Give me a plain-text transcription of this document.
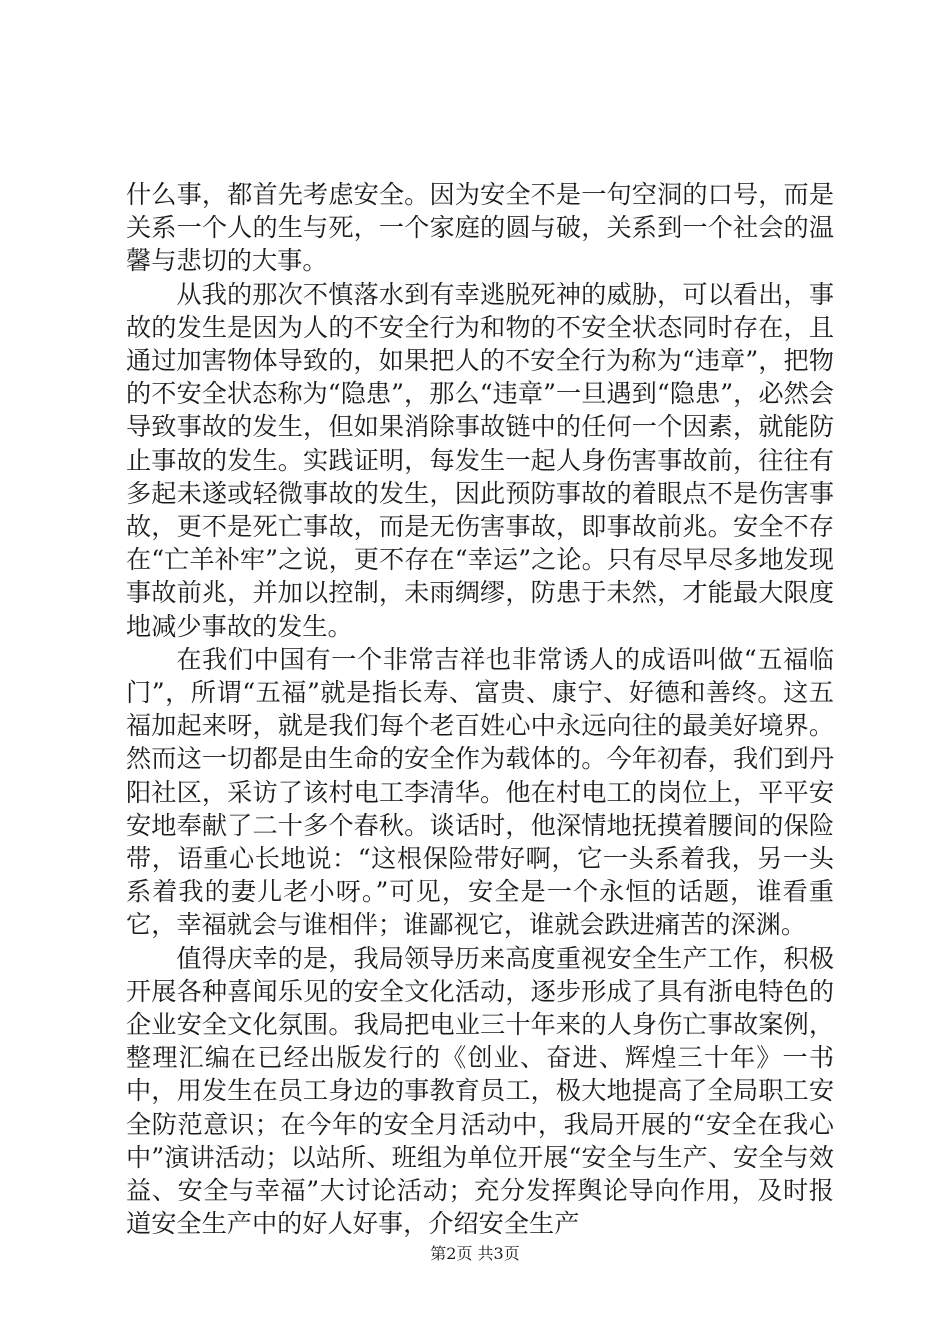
什么事，都首先考虑安全。因为安全不是一句空洞的口号，而是关系一个人的生与死，一个家庭的圆与破，关系到一个社会的温馨与悲切的大事。

从我的那次不慎落水到有幸逃脱死神的威胁，可以看出，事故的发生是因为人的不安全行为和物的不安全状态同时存在，且通过加害物体导致的，如果把人的不安全行为称为“违章”，把物的不安全状态称为“隐患”，那么“违章”一旦遇到“隐患”，必然会导致事故的发生，但如果消除事故链中的任何一个因素，就能防止事故的发生。实践证明，每发生一起人身伤害事故前，往往有多起未遂或轻微事故的发生，因此预防事故的着眼点不是伤害事故，更不是死亡事故，而是无伤害事故，即事故前兆。安全不存在“亡羊补牢”之说，更不存在“幸运”之论。只有尽早尽多地发现事故前兆，并加以控制，未雨绸缪，防患于未然，才能最大限度地减少事故的发生。

在我们中国有一个非常吉祥也非常诱人的成语叫做“五福临门”，所谓“五福”就是指长寿、富贵、康宁、好德和善终。这五福加起来呀，就是我们每个老百姓心中永远向往的最美好境界。然而这一切都是由生命的安全作为载体的。今年初春，我们到丹阳社区，采访了该村电工李清华。他在村电工的岗位上，平平安安地奉献了二十多个春秋。谈话时，他深情地抚摸着腰间的保险带，语重心长地说：“这根保险带好啊，它一头系着我，另一头系着我的妻儿老小呀。”可见，安全是一个永恒的话题，谁看重它，幸福就会与谁相伴；谁鄙视它，谁就会跌进痛苦的深渊。

值得庆幸的是，我局领导历来高度重视安全生产工作，积极开展各种喜闻乐见的安全文化活动，逐步形成了具有浙电特色的企业安全文化氛围。我局把电业三十年来的人身伤亡事故案例，整理汇编在已经出版发行的《创业、奋进、辉煌三十年》一书中，用发生在员工身边的事教育员工，极大地提高了全局职工安全防范意识；在今年的安全月活动中，我局开展的“安全在我心中”演讲活动；以站所、班组为单位开展“安全与生产、安全与效益、安全与幸福”大讨论活动；充分发挥舆论导向作用，及时报道安全生产中的好人好事，介绍安全生产

第2页 共3页
